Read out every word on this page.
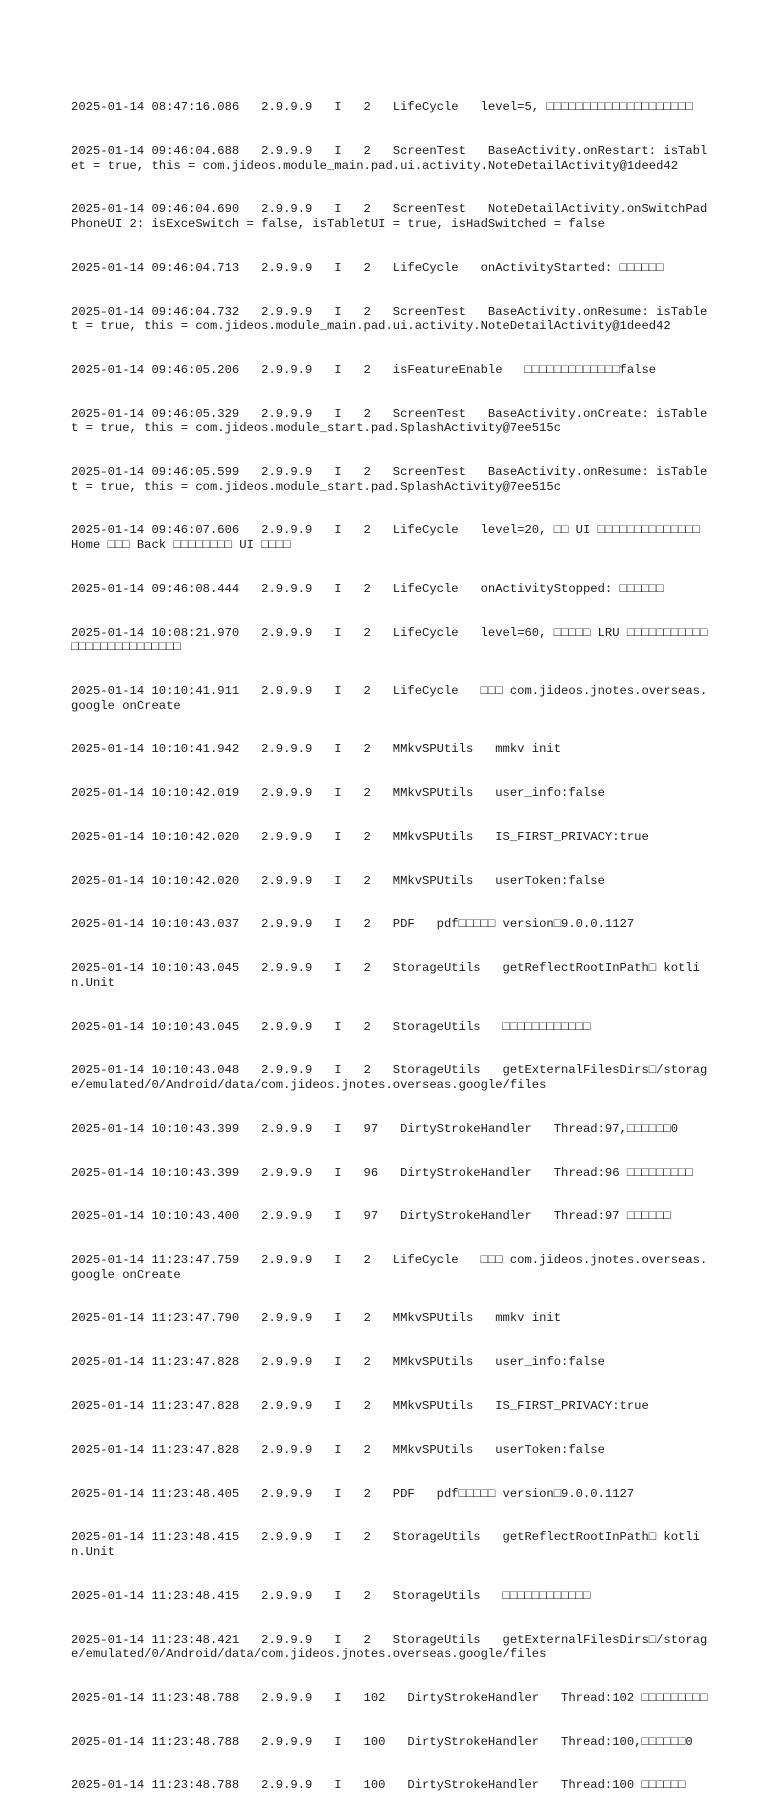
2025-01-14 08:47:16.086   2.9.9.9   I   2   LifeCycle   level=5, □□□□□□□□□□□□□□□□□□□□

2025-01-14 09:46:04.688   2.9.9.9   I   2   ScreenTest   BaseActivity.onRestart: isTablet = true, this = com.jideos.module_main.pad.ui.activity.NoteDetailActivity@1deed42

2025-01-14 09:46:04.690   2.9.9.9   I   2   ScreenTest   NoteDetailActivity.onSwitchPadPhoneUI 2: isExceSwitch = false, isTabletUI = true, isHadSwitched = false

2025-01-14 09:46:04.713   2.9.9.9   I   2   LifeCycle   onActivityStarted: □□□□□□

2025-01-14 09:46:04.732   2.9.9.9   I   2   ScreenTest   BaseActivity.onResume: isTablet = true, this = com.jideos.module_main.pad.ui.activity.NoteDetailActivity@1deed42

2025-01-14 09:46:05.206   2.9.9.9   I   2   isFeatureEnable   □□□□□□□□□□□□□false

2025-01-14 09:46:05.329   2.9.9.9   I   2   ScreenTest   BaseActivity.onCreate: isTablet = true, this = com.jideos.module_start.pad.SplashActivity@7ee515c

2025-01-14 09:46:05.599   2.9.9.9   I   2   ScreenTest   BaseActivity.onResume: isTablet = true, this = com.jideos.module_start.pad.SplashActivity@7ee515c

2025-01-14 09:46:07.606   2.9.9.9   I   2   LifeCycle   level=20, □□ UI □□□□□□□□□□□□□□ Home □□□ Back □□□□□□□□ UI □□□□

2025-01-14 09:46:08.444   2.9.9.9   I   2   LifeCycle   onActivityStopped: □□□□□□

2025-01-14 10:08:21.970   2.9.9.9   I   2   LifeCycle   level=60, □□□□□ LRU □□□□□□□□□□□□□□□□□□□□□□□□□□

2025-01-14 10:10:41.911   2.9.9.9   I   2   LifeCycle   □□□ com.jideos.jnotes.overseas.google onCreate

2025-01-14 10:10:41.942   2.9.9.9   I   2   MMkvSPUtils   mmkv init

2025-01-14 10:10:42.019   2.9.9.9   I   2   MMkvSPUtils   user_info:false

2025-01-14 10:10:42.020   2.9.9.9   I   2   MMkvSPUtils   IS_FIRST_PRIVACY:true

2025-01-14 10:10:42.020   2.9.9.9   I   2   MMkvSPUtils   userToken:false

2025-01-14 10:10:43.037   2.9.9.9   I   2   PDF   pdf□□□□□ version□9.0.0.1127

2025-01-14 10:10:43.045   2.9.9.9   I   2   StorageUtils   getReflectRootInPath□ kotlin.Unit

2025-01-14 10:10:43.045   2.9.9.9   I   2   StorageUtils   □□□□□□□□□□□□

2025-01-14 10:10:43.048   2.9.9.9   I   2   StorageUtils   getExternalFilesDirs□/storage/emulated/0/Android/data/com.jideos.jnotes.overseas.google/files

2025-01-14 10:10:43.399   2.9.9.9   I   97   DirtyStrokeHandler   Thread:97,□□□□□□0

2025-01-14 10:10:43.399   2.9.9.9   I   96   DirtyStrokeHandler   Thread:96 □□□□□□□□□

2025-01-14 10:10:43.400   2.9.9.9   I   97   DirtyStrokeHandler   Thread:97 □□□□□□

2025-01-14 11:23:47.759   2.9.9.9   I   2   LifeCycle   □□□ com.jideos.jnotes.overseas.google onCreate

2025-01-14 11:23:47.790   2.9.9.9   I   2   MMkvSPUtils   mmkv init

2025-01-14 11:23:47.828   2.9.9.9   I   2   MMkvSPUtils   user_info:false

2025-01-14 11:23:47.828   2.9.9.9   I   2   MMkvSPUtils   IS_FIRST_PRIVACY:true

2025-01-14 11:23:47.828   2.9.9.9   I   2   MMkvSPUtils   userToken:false

2025-01-14 11:23:48.405   2.9.9.9   I   2   PDF   pdf□□□□□ version□9.0.0.1127

2025-01-14 11:23:48.415   2.9.9.9   I   2   StorageUtils   getReflectRootInPath□ kotlin.Unit

2025-01-14 11:23:48.415   2.9.9.9   I   2   StorageUtils   □□□□□□□□□□□□

2025-01-14 11:23:48.421   2.9.9.9   I   2   StorageUtils   getExternalFilesDirs□/storage/emulated/0/Android/data/com.jideos.jnotes.overseas.google/files

2025-01-14 11:23:48.788   2.9.9.9   I   102   DirtyStrokeHandler   Thread:102 □□□□□□□□□

2025-01-14 11:23:48.788   2.9.9.9   I   100   DirtyStrokeHandler   Thread:100,□□□□□□0

2025-01-14 11:23:48.788   2.9.9.9   I   100   DirtyStrokeHandler   Thread:100 □□□□□□
